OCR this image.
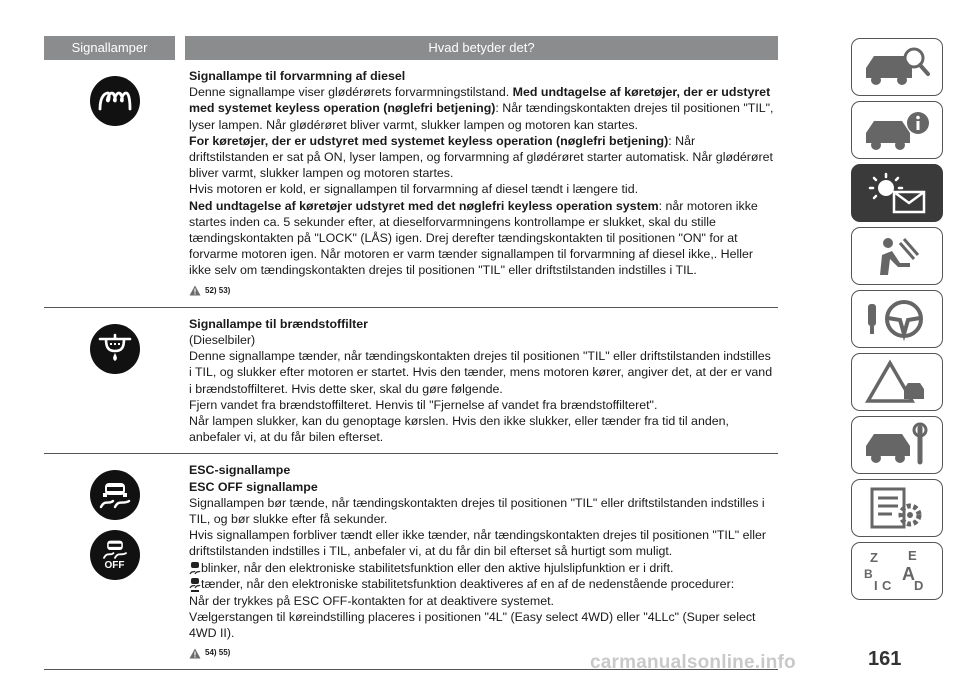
Signallamper	Hvad betyder det?

Signallampe til forvarmning af diesel

Denne signallampe viser glødérørets forvarmningstilstand. Med undtagelse af køretøjer, der er udstyret med systemet keyless operation (nøglefri betjening): Når tændingskontakten drejes til positionen "TIL", lyser lampen. Når glødérøret bliver varmt, slukker lampen og motoren kan startes.

For køretøjer, der er udstyret med systemet keyless operation (nøglefri betjening): Når driftstilstanden er sat på ON, lyser lampen, og forvarmning af glødérøret starter automatisk. Når glødérøret bliver varmt, slukker lampen og motoren startes.

Hvis motoren er kold, er signallampen til forvarmning af diesel tændt i længere tid.

Ned undtagelse af køretøjer udstyret med det nøglefri keyless operation system: når motoren ikke startes inden ca. 5 sekunder efter, at dieselforvarmningens kontrollampe er slukket, skal du stille tændingskontakten på "LOCK" (LÅS) igen. Drej derefter tændingskontakten til positionen "ON" for at forvarme motoren igen. Når motoren er varm tænder signallampen til forvarmning af diesel ikke,. Heller ikke selv om tændingskontakten drejes til positionen "TIL" eller driftstilstanden indstilles i TIL.

52) 53)

Signallampe til brændstoffilter

(Dieselbiler)

Denne signallampe tænder, når tændingskontakten drejes til positionen "TIL" eller driftstilstanden indstilles i TIL, og slukker efter motoren er startet. Hvis den tænder, mens motoren kører, angiver det, at der er vand i brændstoffilteret. Hvis dette sker, skal du gøre følgende.

Fjern vandet fra brændstoffilteret. Henvis til "Fjernelse af vandet fra brændstoffilteret".

Når lampen slukker, kan du genoptage kørslen. Hvis den ikke slukker, eller tænder fra tid til anden, anbefaler vi, at du får bilen efterset.

OFF

ESC-signallampe

ESC OFF signallampe

Signallampen bør tænde, når tændingskontakten drejes til positionen "TIL" eller driftstilstanden indstilles i TIL, og bør slukke efter få sekunder.

Hvis signallampen forbliver tændt eller ikke tænder, når tændingskontakten drejes til positionen "TIL" eller driftstilstanden indstilles i TIL, anbefaler vi, at du får din bil efterset så hurtigt som muligt.

blinker, når den elektroniske stabilitetsfunktion eller den aktive hjulslipfunktion er i drift.

tænder, når den elektroniske stabilitetsfunktion deaktiveres af en af de nedenstående procedurer:

Når der trykkes på ESC OFF-kontakten for at deaktivere systemet.

Vælgerstangen til køreindstilling placeres i positionen "4L" (Easy select 4WD) eller "4LLc" (Super select 4WD II).

54) 55)
Z E
B A
C D
I
carmanualsonline.info	161
